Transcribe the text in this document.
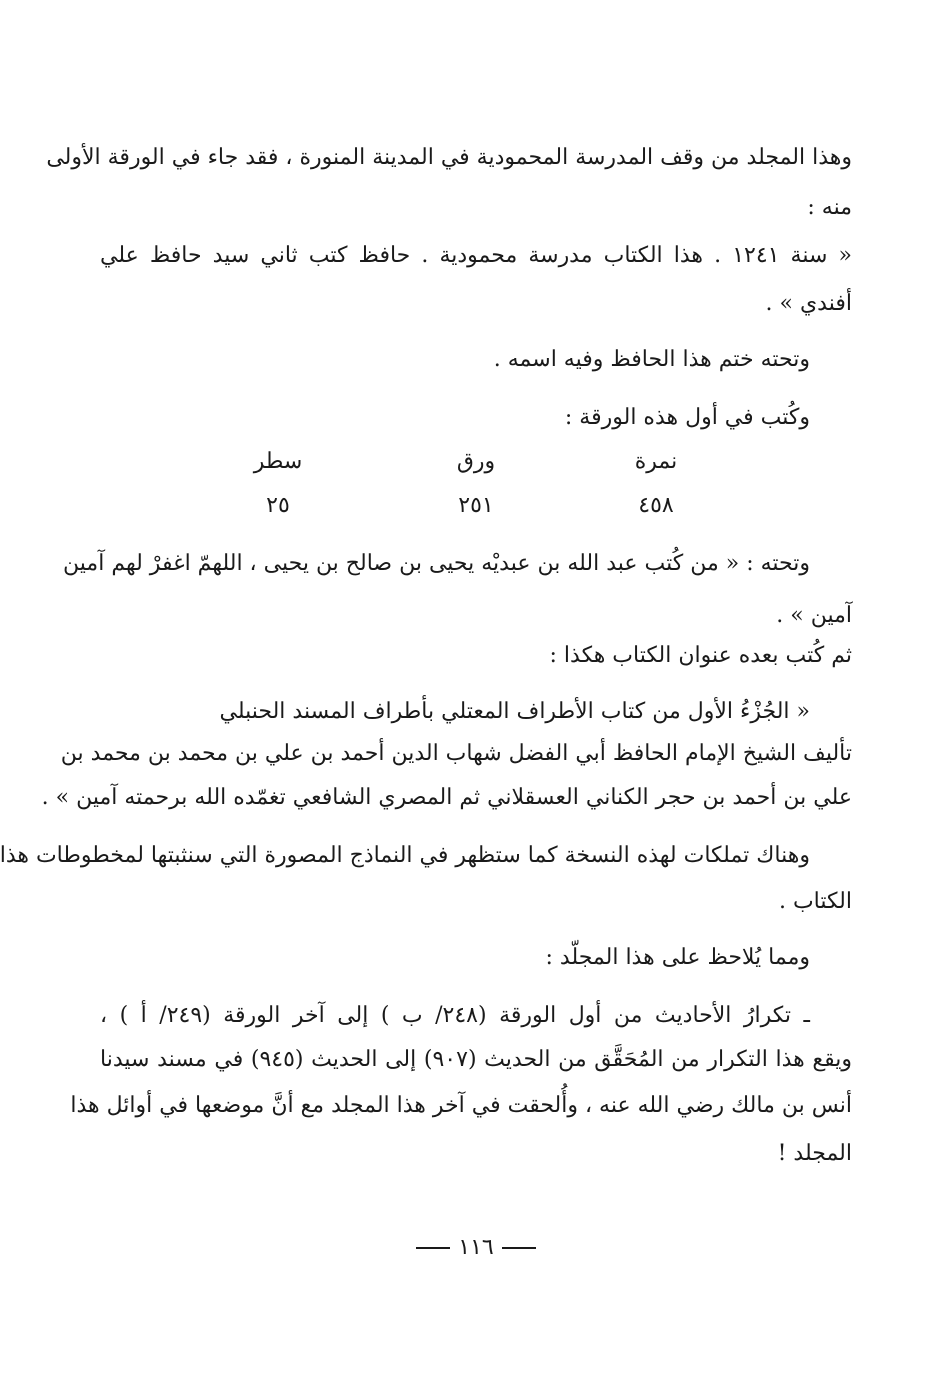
وهذا المجلد من وقف المدرسة المحمودية في المدينة المنورة ، فقد جاء في الورقة الأولى
منه :
« سنة ١٢٤١ . هذا الكتاب مدرسة محمودية . حافظ كتب ثاني سيد حافظ علي
أفندي » .
وتحته ختم هذا الحافظ وفيه اسمه .
وكُتب في أول هذه الورقة :
نمرة
ورق
سطر
٤٥٨
٢٥١
٢٥
وتحته : « من كُتب عبد الله بن عبديْه يحيى بن صالح بن يحيى ، اللهمّ اغفرْ لهم آمين
آمين » .
ثم كُتب بعده عنوان الكتاب هكذا :
« الجُزْءُ الأول من كتاب الأطراف المعتلي بأطراف المسند الحنبلي
تأليف الشيخ الإمام الحافظ أبي الفضل شهاب الدين أحمد بن علي بن محمد بن محمد بن
علي بن أحمد بن حجر الكناني العسقلاني ثم المصري الشافعي تغمّده الله برحمته آمين » .
وهناك تملكات لهذه النسخة كما ستظهر في النماذج المصورة التي سنثبتها لمخطوطات هذا
الكتاب .
ومما يُلاحظ على هذا المجلّد :
ـ تكرارُ الأحاديث من أول الورقة (٢٤٨/ ب ) إلى آخر الورقة (٢٤٩/ أ ) ،
ويقع هذا التكرار من المُحَقَّق من الحديث (٩٠٧) إلى الحديث (٩٤٥) في مسند سيدنا
أنس بن مالك رضي الله عنه ، وأُلحقت في آخر هذا المجلد مع أنَّ موضعها في أوائل هذا
المجلد !
١١٦
